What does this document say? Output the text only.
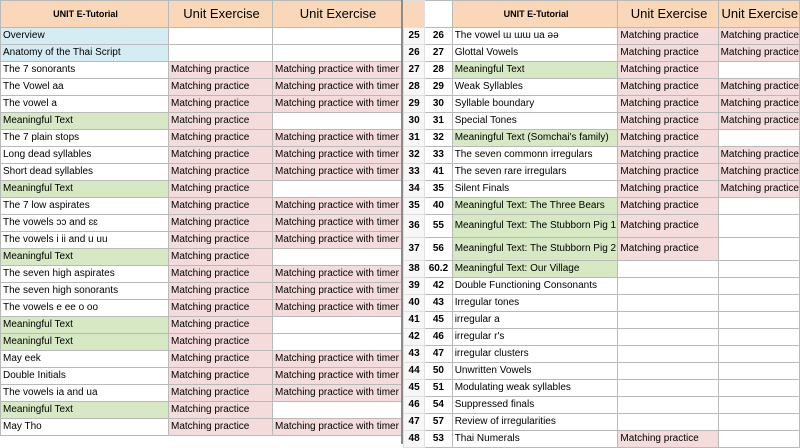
UNIT E-Tutorial	Unit Exercise	Unit Exercise
Overview		
Anatomy of the Thai Script		
The 7 sonorants	Matching practice	Matching practice with timer
The Vowel aa	Matching practice	Matching practice with timer
The vowel a	Matching practice	Matching practice with timer
Meaningful Text	Matching practice	
The 7 plain stops	Matching practice	Matching practice with timer
Long dead syllables	Matching practice	Matching practice with timer
Short dead syllables	Matching practice	Matching practice with timer
Meaningful Text	Matching practice	
The 7 low aspirates	Matching practice	Matching practice with timer
The vowels ɔɔ and ɛɛ	Matching practice	Matching practice with timer
The vowels i ii and u uu	Matching practice	Matching practice with timer
Meaningful Text	Matching practice	
The seven high aspirates	Matching practice	Matching practice with timer
The seven high sonorants	Matching practice	Matching practice with timer
The vowels e ee o oo	Matching practice	Matching practice with timer
Meaningful Text	Matching practice	
Meaningful Text	Matching practice	
May eek	Matching practice	Matching practice with timer
Double Initials	Matching practice	Matching practice with timer
The vowels ia and ua	Matching practice	Matching practice with timer
Meaningful Text	Matching practice	
May Tho	Matching practice	Matching practice with timer
		UNIT E-Tutorial	Unit Exercise	Unit Exercise
25	26	The vowel ɯ ɯɯ ua əə	Matching practice	Matching practice
26	27	Glottal Vowels	Matching practice	Matching practice
27	28	Meaningful Text	Matching practice	
28	29	Weak Syllables	Matching practice	Matching practice
29	30	Syllable boundary	Matching practice	Matching practice
30	31	Special Tones	Matching practice	Matching practice
31	32	Meaningful Text (Somchai's family)	Matching practice	
32	33	The seven commonn irregulars	Matching practice	Matching practice
33	41	The seven rare irregulars	Matching practice	Matching practice
34	35	Silent Finals	Matching practice	Matching practice
35	40	Meaningful Text: The Three Bears	Matching practice	
36	55	Meaningful Text: The Stubborn Pig 1	Matching practice	
37	56	Meaningful Text: The Stubborn Pig 2	Matching practice	
38	60.2	Meaningful Text: Our Village		
39	42	Double Functioning Consonants		
40	43	Irregular tones		
41	45	irregular a		
42	46	irregular r's		
43	47	irregular clusters		
44	50	Unwritten Vowels		
45	51	Modulating weak syllables		
46	54	Suppressed finals		
47	57	Review of irregularities		
48	53	Thai Numerals	Matching practice	
